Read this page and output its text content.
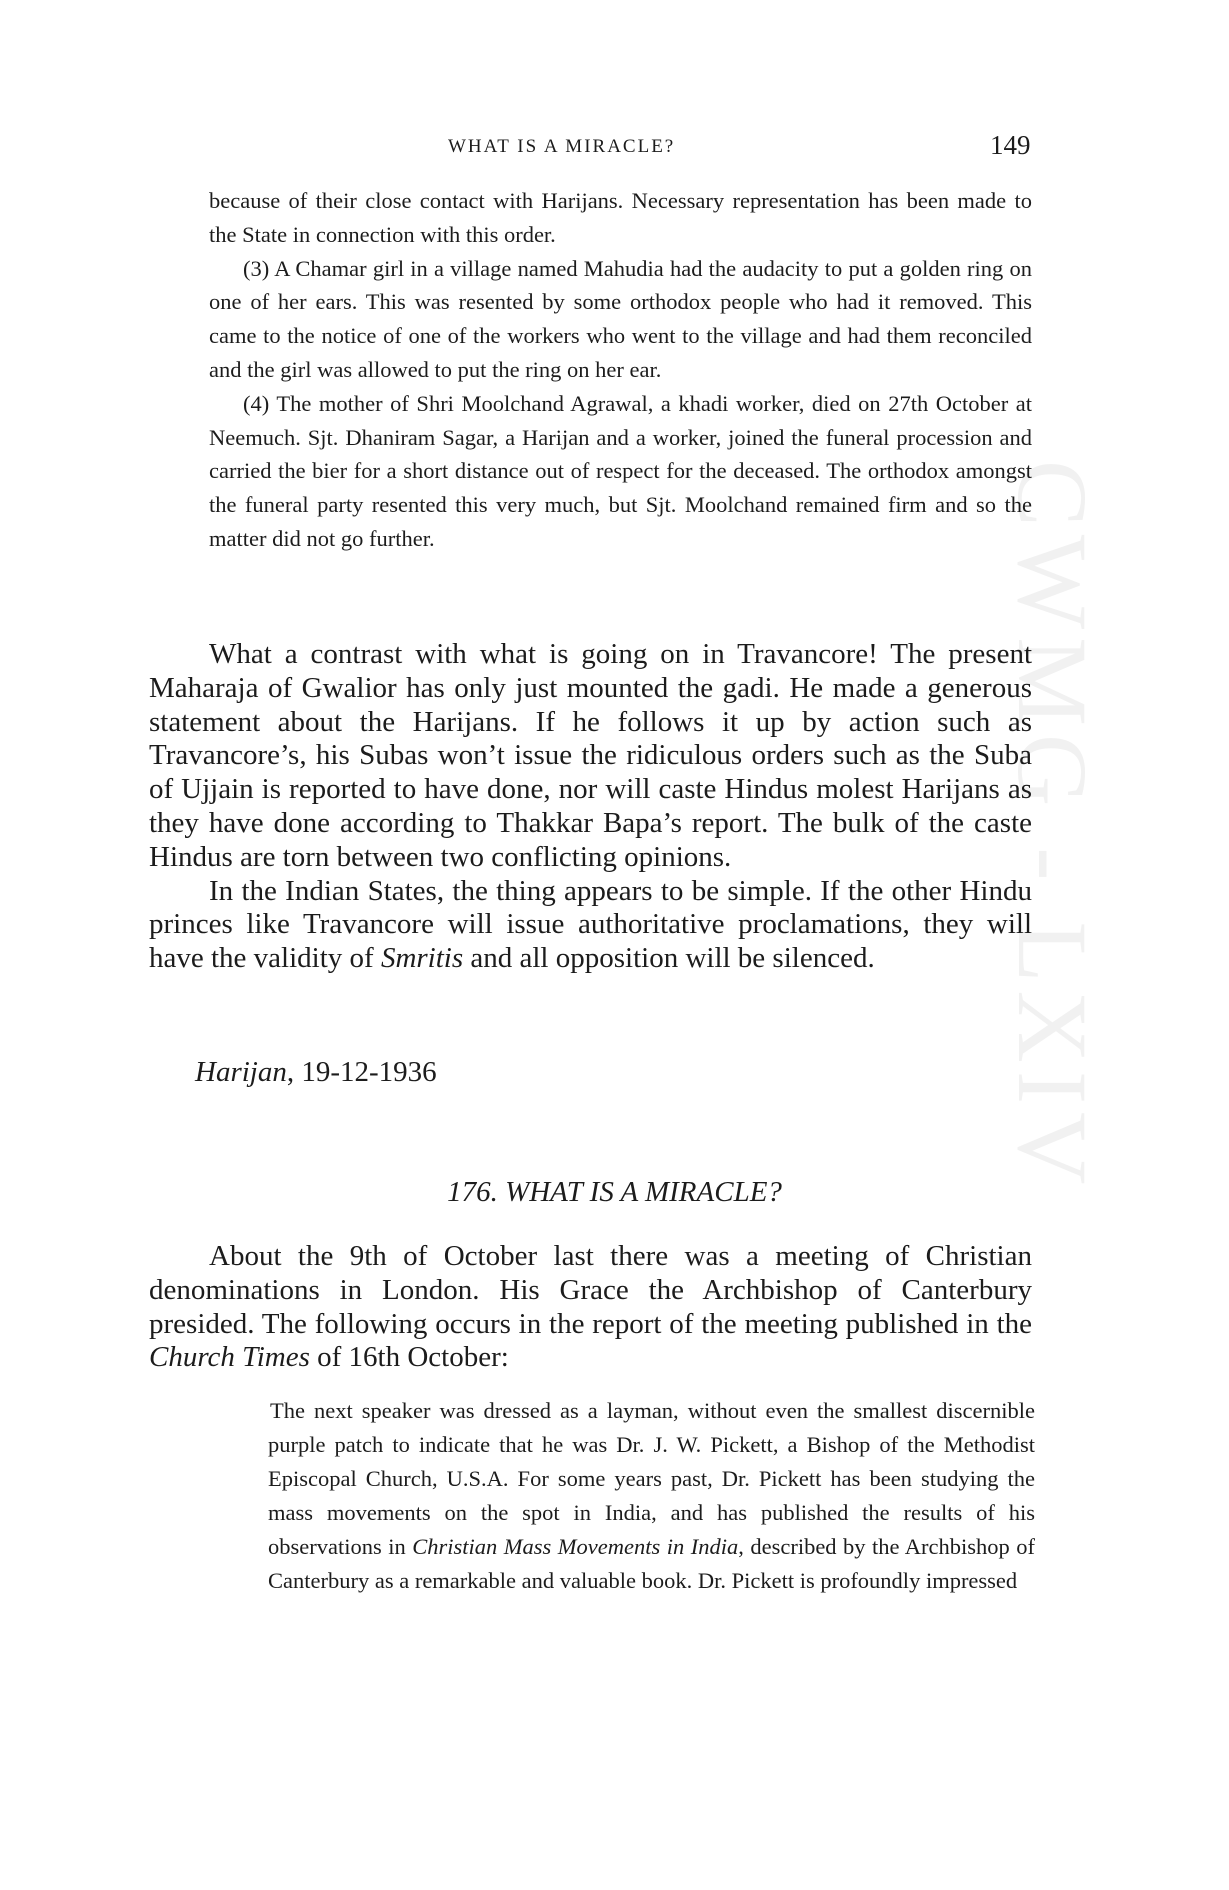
CWMG - LXIV
WHAT IS A MIRACLE?	149

because of their close contact with Harijans. Necessary representation has been made to the State in connection with this order.

(3) A Chamar girl in a village named Mahudia had the audacity to put a golden ring on one of her ears. This was resented by some orthodox people who had it removed. This came to the notice of one of the workers who went to the village and had them reconciled and the girl was allowed to put the ring on her ear.

(4) The mother of Shri Moolchand Agrawal, a khadi worker, died on 27th October at Neemuch. Sjt. Dhaniram Sagar, a Harijan and a worker, joined the funeral procession and carried the bier for a short distance out of respect for the deceased. The orthodox amongst the funeral party resented this very much, but Sjt. Moolchand remained firm and so the matter did not go further.

What a contrast with what is going on in Travancore! The present Maharaja of Gwalior has only just mounted the gadi. He made a generous statement about the Harijans. If he follows it up by action such as Travancore’s, his Subas won’t issue the ridiculous orders such as the Suba of Ujjain is reported to have done, nor will caste Hindus molest Harijans as they have done according to Thakkar Bapa’s report. The bulk of the caste Hindus are torn between two conflicting opinions.

In the Indian States, the thing appears to be simple. If the other Hindu princes like Travancore will issue authoritative proclamations, they will have the validity of Smritis and all opposition will be silenced.

Harijan, 19-12-1936
176. WHAT IS A MIRACLE?

About the 9th of October last there was a meeting of Christian denominations in London. His Grace the Archbishop of Canterbury presided. The following occurs in the report of the meeting published in the Church Times of 16th October:

The next speaker was dressed as a layman, without even the smallest discernible purple patch to indicate that he was Dr. J. W. Pickett, a Bishop of the Methodist Episcopal Church, U.S.A. For some years past, Dr. Pickett has been studying the mass movements on the spot in India, and has published the results of his observations in Christian Mass Movements in India, described by the Archbishop of Canterbury as a remarkable and valuable book. Dr. Pickett is profoundly impressed
